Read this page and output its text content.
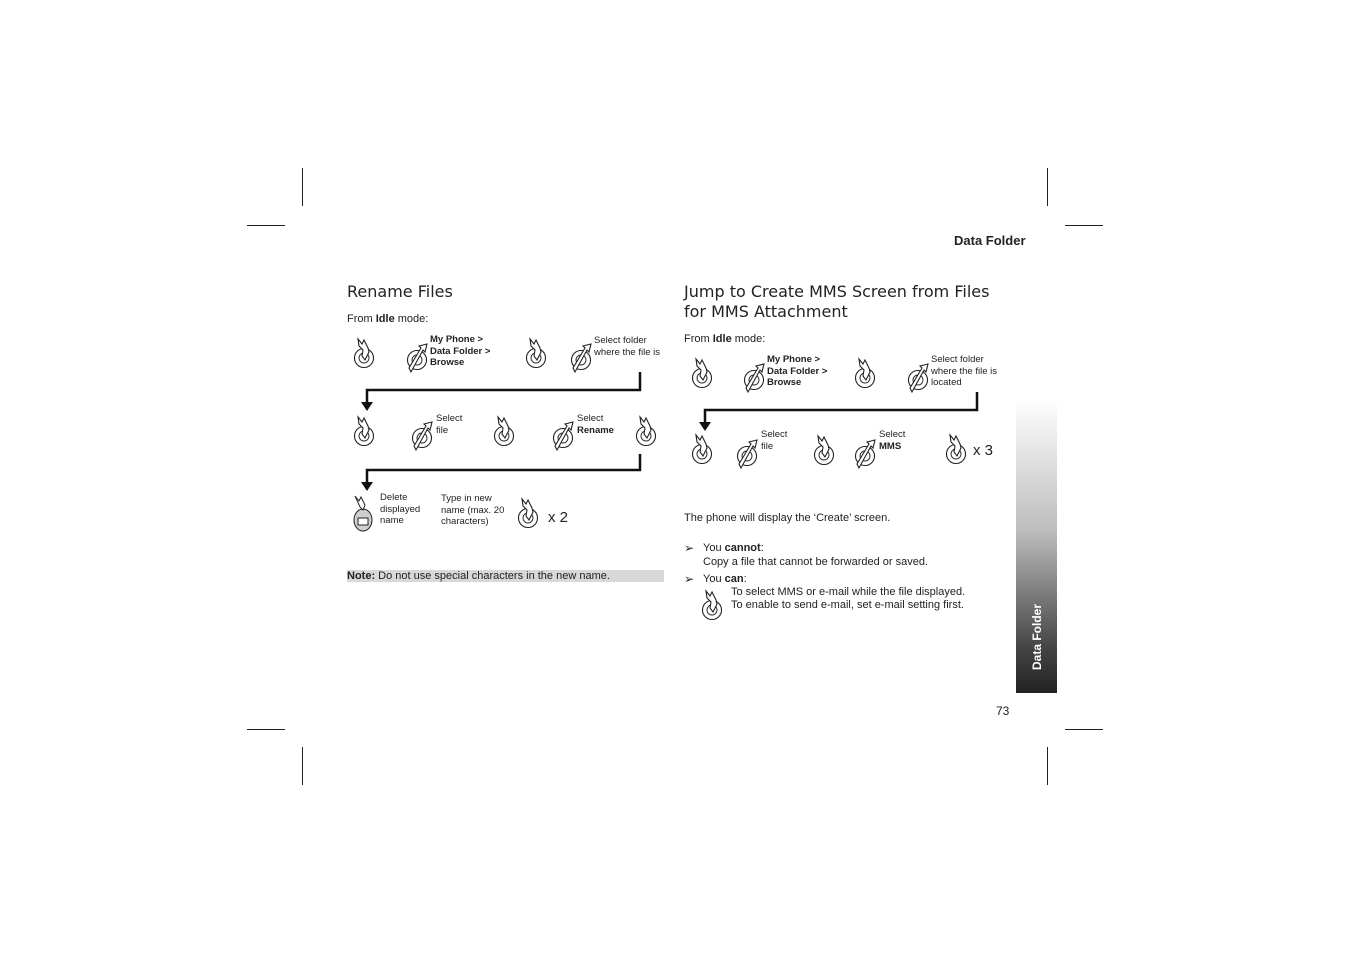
Data Folder
Rename Files
From Idle mode:
My Phone >
Data Folder >
Browse
Select folder
where the file is
Select
file
Select
Rename
Delete
displayed
name
Type in new
name (max. 20
characters)	x 2
Note: Do not use special characters in the new name.
Jump to Create MMS Screen from Files
for MMS Attachment
From Idle mode:
My Phone >
Data Folder >
Browse
Select folder
where the file is
located
Select
file
Select
MMS	x 3
The phone will display the ‘Create’ screen.
➢ You cannot:
Copy a file that cannot be forwarded or saved.
➢ You can:
To select MMS or e-mail while the file displayed.
To enable to send e-mail, set e-mail setting first.	Data Folder
73
